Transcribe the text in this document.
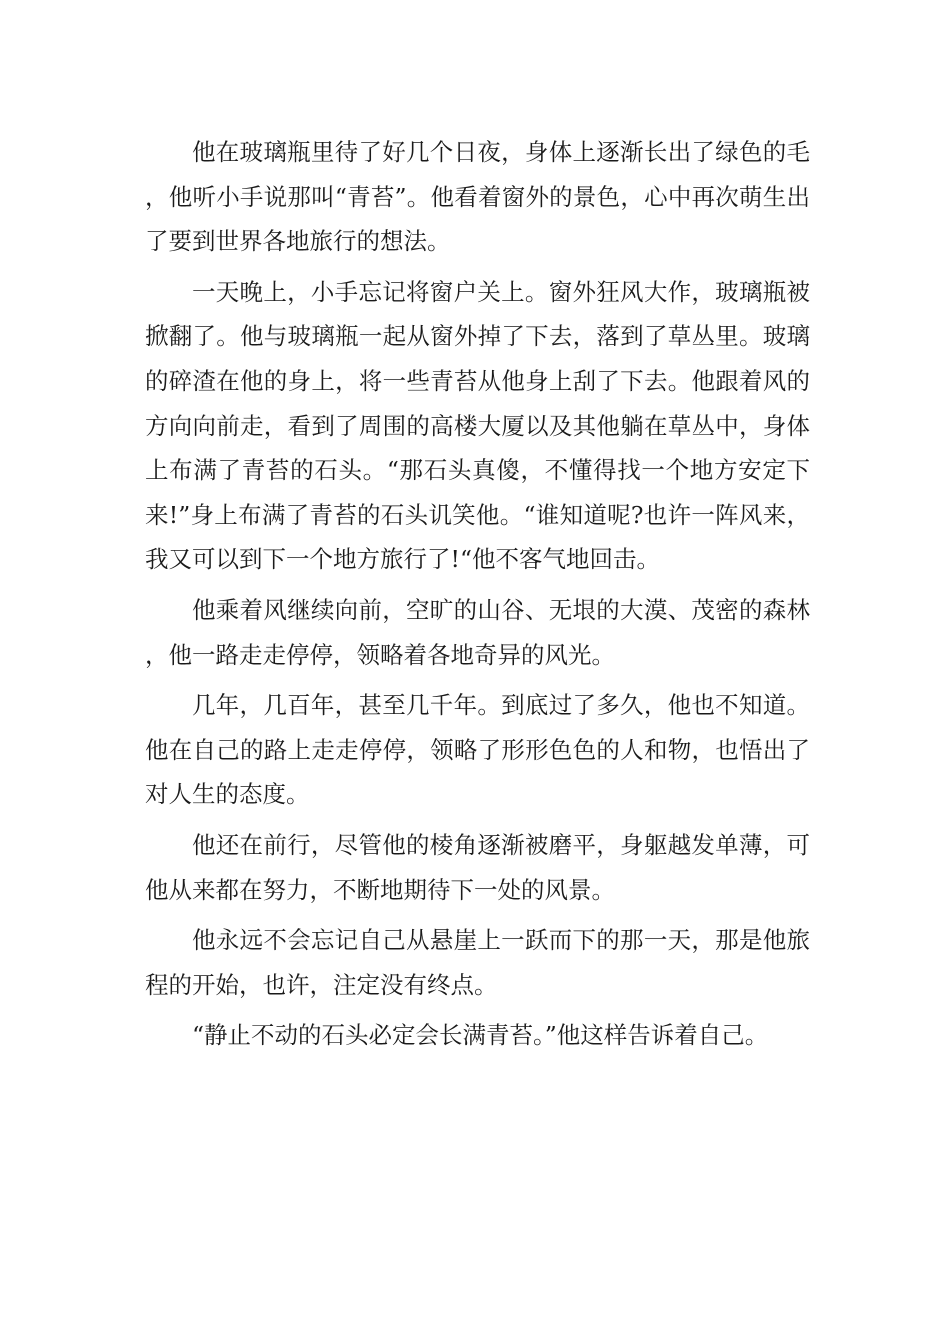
他在玻璃瓶里待了好几个日夜，身体上逐渐长出了绿色的毛，他听小手说那叫“青苔”。他看着窗外的景色，心中再次萌生出了要到世界各地旅行的想法。

一天晚上，小手忘记将窗户关上。窗外狂风大作，玻璃瓶被掀翻了。他与玻璃瓶一起从窗外掉了下去，落到了草丛里。玻璃的碎渣在他的身上，将一些青苔从他身上刮了下去。他跟着风的方向向前走，看到了周围的高楼大厦以及其他躺在草丛中，身体上布满了青苔的石头。“那石头真傻，不懂得找一个地方安定下来!”身上布满了青苔的石头讥笑他。“谁知道呢?也许一阵风来，我又可以到下一个地方旅行了!“他不客气地回击。

他乘着风继续向前，空旷的山谷、无垠的大漠、茂密的森林，他一路走走停停，领略着各地奇异的风光。

几年，几百年，甚至几千年。到底过了多久，他也不知道。他在自己的路上走走停停，领略了形形色色的人和物，也悟出了对人生的态度。

他还在前行，尽管他的棱角逐渐被磨平，身躯越发单薄，可他从来都在努力，不断地期待下一处的风景。

他永远不会忘记自己从悬崖上一跃而下的那一天，那是他旅程的开始，也许，注定没有终点。

“静止不动的石头必定会长满青苔。”他这样告诉着自己。
